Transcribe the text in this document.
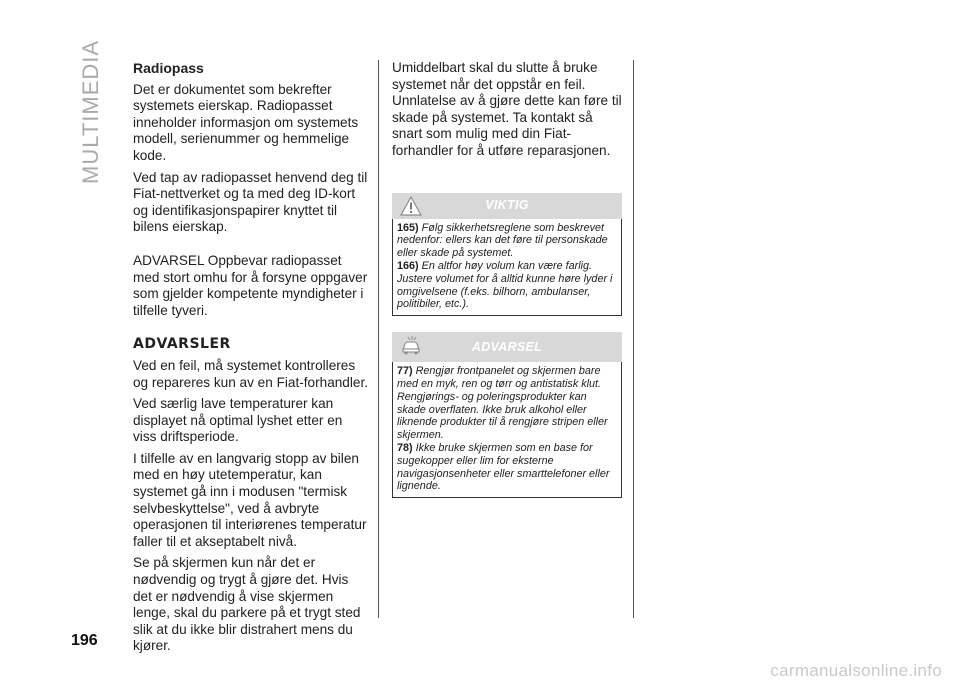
MULTIMEDIA Radiopass

Det er dokumentet som bekrefter systemets eierskap. Radiopasset inneholder informasjon om systemets modell, serienummer og hemmelige kode.

Ved tap av radiopasset henvend deg til Fiat-nettverket og ta med deg ID-kort og identifikasjonspapirer knyttet til bilens eierskap.

ADVARSEL Oppbevar radiopasset med stort omhu for å forsyne oppgaver som gjelder kompetente myndigheter i tilfelle tyveri.

ADVARSLER

Ved en feil, må systemet kontrolleres og repareres kun av en Fiat-forhandler.

Ved særlig lave temperaturer kan displayet nå optimal lyshet etter en viss driftsperiode.

I tilfelle av en langvarig stopp av bilen med en høy utetemperatur, kan systemet gå inn i modusen "termisk selvbeskyttelse", ved å avbryte operasjonen til interiørenes temperatur faller til et akseptabelt nivå.

Se på skjermen kun når det er nødvendig og trygt å gjøre det. Hvis det er nødvendig å vise skjermen lenge, skal du parkere på et trygt sted slik at du ikke blir distrahert mens du kjører.

Umiddelbart skal du slutte å bruke systemet når det oppstår en feil. Unnlatelse av å gjøre dette kan føre til skade på systemet. Ta kontakt så snart som mulig med din Fiat-forhandler for å utføre reparasjonen.

VIKTIG

165) Følg sikkerhetsreglene som beskrevet nedenfor: ellers kan det føre til personskade eller skade på systemet.

166) En altfor høy volum kan være farlig. Justere volumet for å alltid kunne høre lyder i omgivelsene (f.eks. bilhorn, ambulanser, politibiler, etc.).

ADVARSEL

77) Rengjør frontpanelet og skjermen bare med en myk, ren og tørr og antistatisk klut. Rengjørings- og poleringsprodukter kan skade overflaten. Ikke bruk alkohol eller liknende produkter til å rengjøre stripen eller skjermen.

78) Ikke bruke skjermen som en base for sugekopper eller lim for eksterne navigasjonsenheter eller smarttelefoner eller lignende.

196
carmanualsonline.info
